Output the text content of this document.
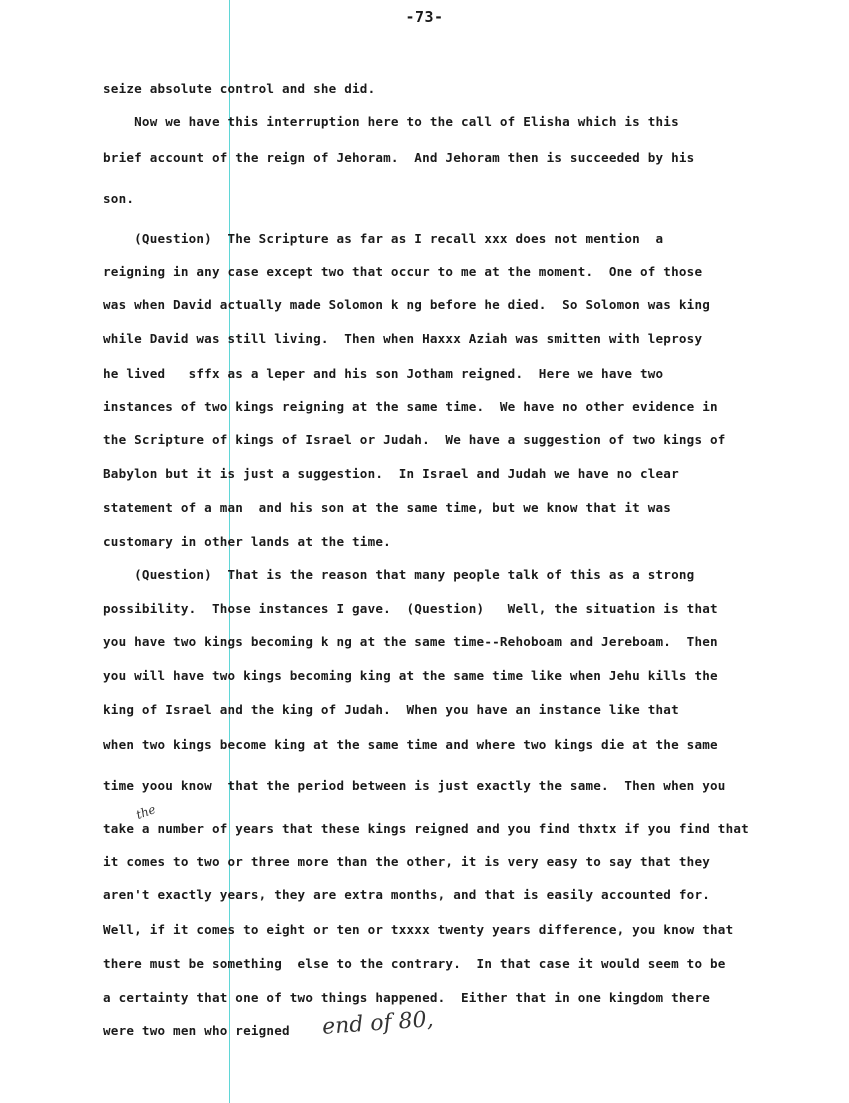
-73-
seize absolute control and she did.
Now we have this interruption here to the call of Elisha which is this
brief account of the reign of Jehoram.  And Jehoram then is succeeded by his
son.
(Question)  The Scripture as far as I recall xxx does not mention  a
reigning in any case except two that occur to me at the moment.  One of those
was when David actually made Solomon k ng before he died.  So Solomon was king
while David was still living.  Then when Haxxx Aziah was smitten with leprosy
he lived   sffx as a leper and his son Jotham reigned.  Here we have two
instances of two kings reigning at the same time.  We have no other evidence in
the Scripture of kings of Israel or Judah.  We have a suggestion of two kings of
Babylon but it is just a suggestion.  In Israel and Judah we have no clear
statement of a man  and his son at the same time, but we know that it was
customary in other lands at the time.
(Question)  That is the reason that many people talk of this as a strong
possibility.  Those instances I gave.  (Question)   Well, the situation is that
you have two kings becoming k ng at the same time--Rehoboam and Jereboam.  Then
you will have two kings becoming king at the same time like when Jehu kills the
king of Israel and the king of Judah.  When you have an instance like that
when two kings become king at the same time and where two kings die at the same
time yoou know  that the period between is just exactly the same.  Then when you
take a number of years that these kings reigned and you find thxtx if you find that
it comes to two or three more than the other, it is very easy to say that they
aren't exactly years, they are extra months, and that is easily accounted for.
Well, if it comes to eight or ten or txxxx twenty years difference, you know that
there must be something  else to the contrary.  In that case it would seem to be
a certainty that one of two things happened.  Either that in one kingdom there
were two men who reigned
the
end of 80,
